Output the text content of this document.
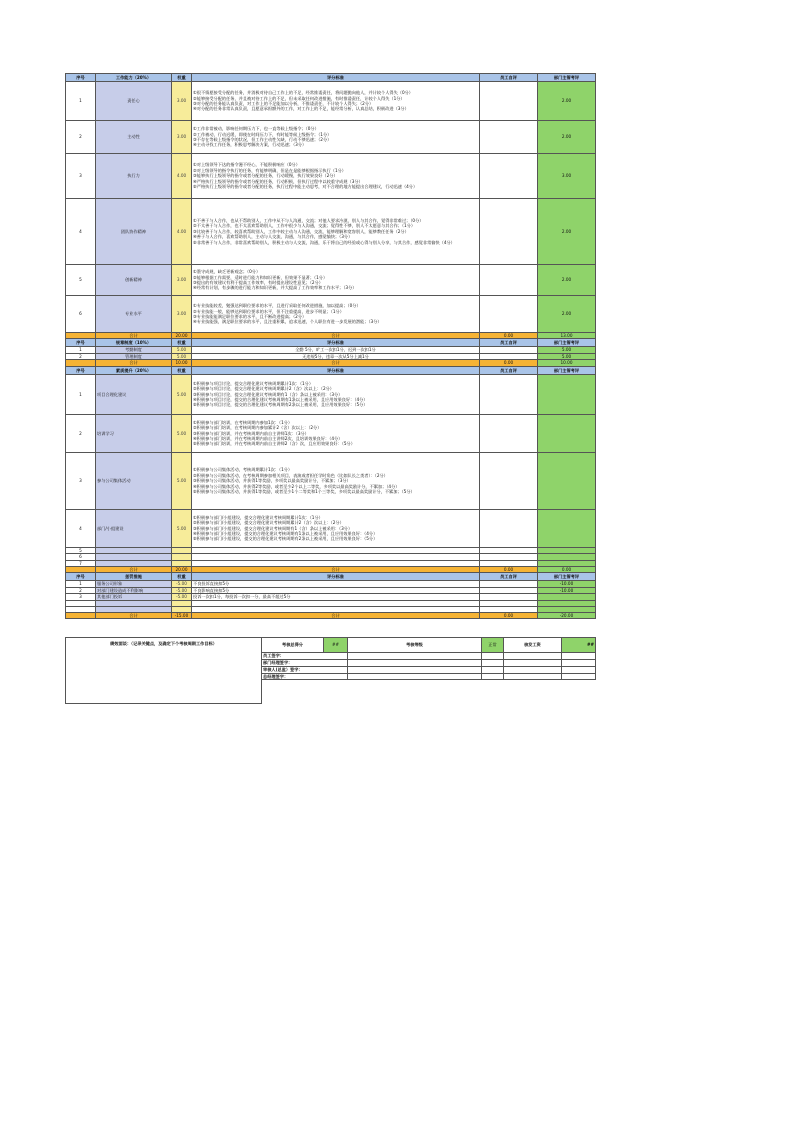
序号	工作能力（20%）	权重	评分标准	员工自评	部门主管考评
1	责任心	3.00	①很不情愿接受分配的任务，并消极对待自己工作上的不足，经常推诿责任，将问题抛向他人，并计较个人得失（0分）
②能够接受分配的任务，并且被对待工作上的不足，但未采取任何改进措施，有时推诿责任，计较个人得失（1分）
③对分配的任务能认真负责，对工作上的不足能加以分析，不推诿责任，不计较个人得失；（2分）
④对分配的任务非常认真负责，且愿意承担额外的工作，对工作上的不足，能经常分析，认真总结，积极改进（3分）		2.00
2	主动性	3.00	①工作非常被动，影响任何期压力下，也一直等候上级指令；（0分）
②工作被动，行动迟缓，即使在时间压力下，有时能等候上级指令；（1分）
③不存在等候上级指令的状况，但工作主动性欠缺，行动不够迅速；（2分）
④主动寻找工作任务，积极思考解决方案，行动迅速；（3分）		2.00
3	执行力	4.00	①对上级领导下达的指令漫不经心，不能积极响应（0分）
②对上级领导的指令执行的任务，有能够明确，但是在是能够根据指示执行（1分）
③能够执行上级领导的指令或者分配的任务，行动缓慢，执行效果良好（2分）
④严格执行上级领导的指令或者分配的任务，行动积极，但执行过程中以较重守成规（3分）
⑤严格执行上级领导的指令或者分配的任务，执行过程中能主动思考，对不合理的地方能提出合理建议，行动迅速（4分）		3.00
4	团队协作精神	4.00	①不善于与人合作，也从不帮助别人，工作中从不与人沟通，交流；对他人要求冷漠，别人与其合作，觉得非常难过；（0分）
②不太善于与人合作，也不太喜欢帮助别人，工作中很少与人沟通，交流；觉得性不够，别人不太愿意与其合作；（1分）
③比较善于与人合作，较喜欢帮助别人，工作中较主动与人沟通，交流，能够理解和宽容别人，能够教任任务（2分）
④善于与人合作，喜欢帮助别人，主动与人交流，沟通，与其合作，感觉愉快；（3分）
⑤非常善于与人合作，非常喜欢帮助别人，积极主动与人交流，沟通，乐于将自己的经验或心得与别人分享，与其合作，感觉非常愉快（4分）		2.00
5	创新精神	3.00	①墨守成规，缺乏更新观念；（0分）
②能够根据工作需要，适时进行能力和知识更新，但效果不显著；（1分）
③提出的有效建议有利于提高工作效率，有时提出建设性意见；（2分）
④经常有计划，有步骤的进行能力和知识更新，并大提高了工作效率和工作水平；（3分）		2.00
6	专业水平	3.00	①专业技能较差，勉强达到职位要求的水平，且进行采取任何改进措施，加以提高；（0分）
②专业技能一般，能够达到职位要求的水平，但不注重提高，进步不明显；（1分）
③专业技能能满足职位要求的水平，且不断改进提高；（2分）
④专业技能强，满足职位要求的水平，且注重积累，追求迅速，个人职位有进一步发展的潜能；（3分）		2.00
	合计	20.00	合计	0.00	13.00
序号	规章制度（10%）	权重	评分标准	员工自评	部门主管考评
1	考勤制度	5.00	全勤 5分，旷工一次扣1分，迟到一次扣1分		5.00
2	管理制度	5.00	无违规5分，违章一次从5分上减1分		5.00
	合计	10.00	合计	0.00	10.00
序号	素质提升（20%）	权重	评分标准	员工自评	部门主管考评
1	项目合理化建议	5.00	①积极参与项目讨论，提交合理化建议考核周期累计1次：（1分）
②积极参与项目讨论，提交合理化建议考核周期累计2（含）次以上：（2分）
③积极参与项目讨论，提交合理化建议考核周期有1（含）条以上被采用：（3分）
④积极参与项目讨论，提交的合理化建议考核周期有1条以上被采用，且应用效果良好：（4分）
⑤积极参与项目讨论，提交的合理化建议考核周期有2条以上被采用，且应用效果良好：（5分）		

2	培训学习	5.00	①积极参与部门培训，在考核周期内参加1次：（1分）
②积极参与部门培训，在考核周期内参加累计2（含）次以上：（2分）
③积极参与部门培训，并在考核周期内前自主讲师1次：（3分）
④积极参与部门培训，并在考核周期内前自主讲师2次，且培训效果良好：（4分）
⑤积极参与部门培训，并在考核周期内前自主讲师2（含）次，且应用效果良好：（5分）		

3	参与公司集体活动	5.00	①积极参与公司集体活动，考核周期累计1次：（1分）
②积极参与公司集体活动，在考核周期参加相关项目，表演或者担任学时角色（比如队长之类者）：（2分）
③积极参与公司集体活动，并获得1等奖励，多项奖以最高奖励计分，不累加；（3分）
④积极参与公司集体活动，并获得2等奖励，或者至少2个以上二等奖，多项奖以最高奖励计分，不累加；（4分）
⑤积极参与公司集体活动，并获得1等奖励，或者至少1个二等奖和1个三等奖，多项奖以最高奖励计分，不累加；（5分）		

4	部门/小组建设	5.00	①积极参与部门/小组建设，提交合理化建议考核周期累计1次：（1分）
②积极参与部门/小组建设，提交合理化建议考核周期累计2（含）次以上：（2分）
③积极参与部门/小组建设，提交合理化建议考核周期有1（含）条以上被采用：（3分）
④积极参与部门/小组建设，提交的合理化建议考核周期有1条以上被采用，且应用效果良好：（4分）
⑤积极参与部门/小组建设，提交的合理化建议考核周期有2条以上被采用，且应用效果良好：（5分）		

5					
6					
7					
	合计	20.00	合计	0.00	0.00
序号	惩罚措施	权重	评分标准	员工自评	部门主管考评
1	服务公司形象	-5.00	不良投诉直接扣5分		-10.00
2	对部门建设造成不利影响	-5.00	不良影响直接扣5分		-10.00
3	其他部门投诉	-5.00	投诉一次扣1分，每投诉一次扣一分，最高不超过5分		

	合计	-15.00	合计	0.00	-20.00
绩效面谈：（记录关键点，及确定下个考核周期工作目标）	考核总得分	##	考核等级	正常	核发工资	##
	员工签字：					
	部门经理签字：					
	审核人(总监）签字：					
	总经理签字：					
